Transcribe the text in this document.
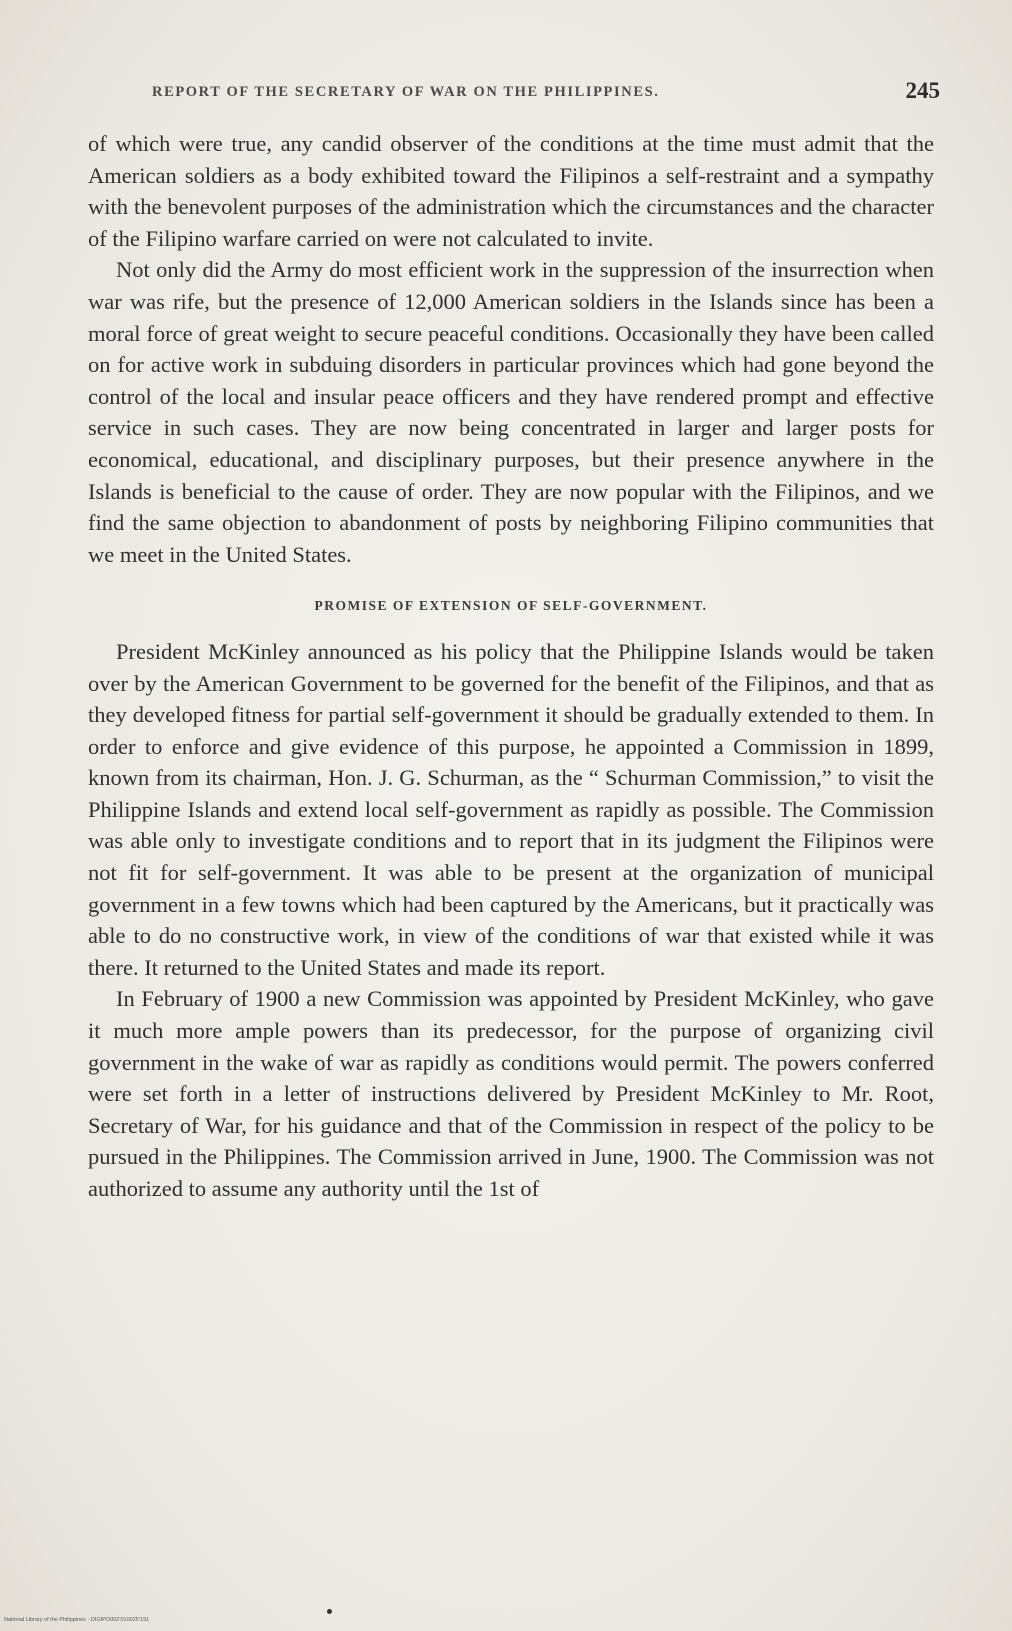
REPORT OF THE SECRETARY OF WAR ON THE PHILIPPINES.	245

of which were true, any candid observer of the conditions at the time must admit that the American soldiers as a body exhibited toward the Filipinos a self-restraint and a sympathy with the benevolent purposes of the administration which the circumstances and the character of the Filipino warfare carried on were not calculated to invite.

Not only did the Army do most efficient work in the suppression of the insurrection when war was rife, but the presence of 12,000 American soldiers in the Islands since has been a moral force of great weight to secure peaceful conditions. Occasionally they have been called on for active work in subduing disorders in particular provinces which had gone beyond the control of the local and insular peace officers and they have rendered prompt and effective service in such cases. They are now being concentrated in larger and larger posts for economical, educational, and disciplinary purposes, but their presence anywhere in the Islands is beneficial to the cause of order. They are now popular with the Filipinos, and we find the same objection to abandonment of posts by neighboring Filipino communities that we meet in the United States.

PROMISE OF EXTENSION OF SELF-GOVERNMENT.

President McKinley announced as his policy that the Philippine Islands would be taken over by the American Government to be governed for the benefit of the Filipinos, and that as they developed fitness for partial self-government it should be gradually extended to them. In order to enforce and give evidence of this purpose, he appointed a Commission in 1899, known from its chairman, Hon. J. G. Schurman, as the “ Schurman Commission,” to visit the Philippine Islands and extend local self-government as rapidly as possible. The Commission was able only to investigate conditions and to report that in its judgment the Filipinos were not fit for self-government. It was able to be present at the organization of municipal government in a few towns which had been captured by the Americans, but it practically was able to do no constructive work, in view of the conditions of war that existed while it was there. It returned to the United States and made its report.

In February of 1900 a new Commission was appointed by President McKinley, who gave it much more ample powers than its predecessor, for the purpose of organizing civil government in the wake of war as rapidly as conditions would permit. The powers conferred were set forth in a letter of instructions delivered by President McKinley to Mr. Root, Secretary of War, for his guidance and that of the Commission in respect of the policy to be pursued in the Philippines. The Commission arrived in June, 1900. The Commission was not authorized to assume any authority until the 1st of

National Library of the Philippines · DIGIPO002’010025’191
